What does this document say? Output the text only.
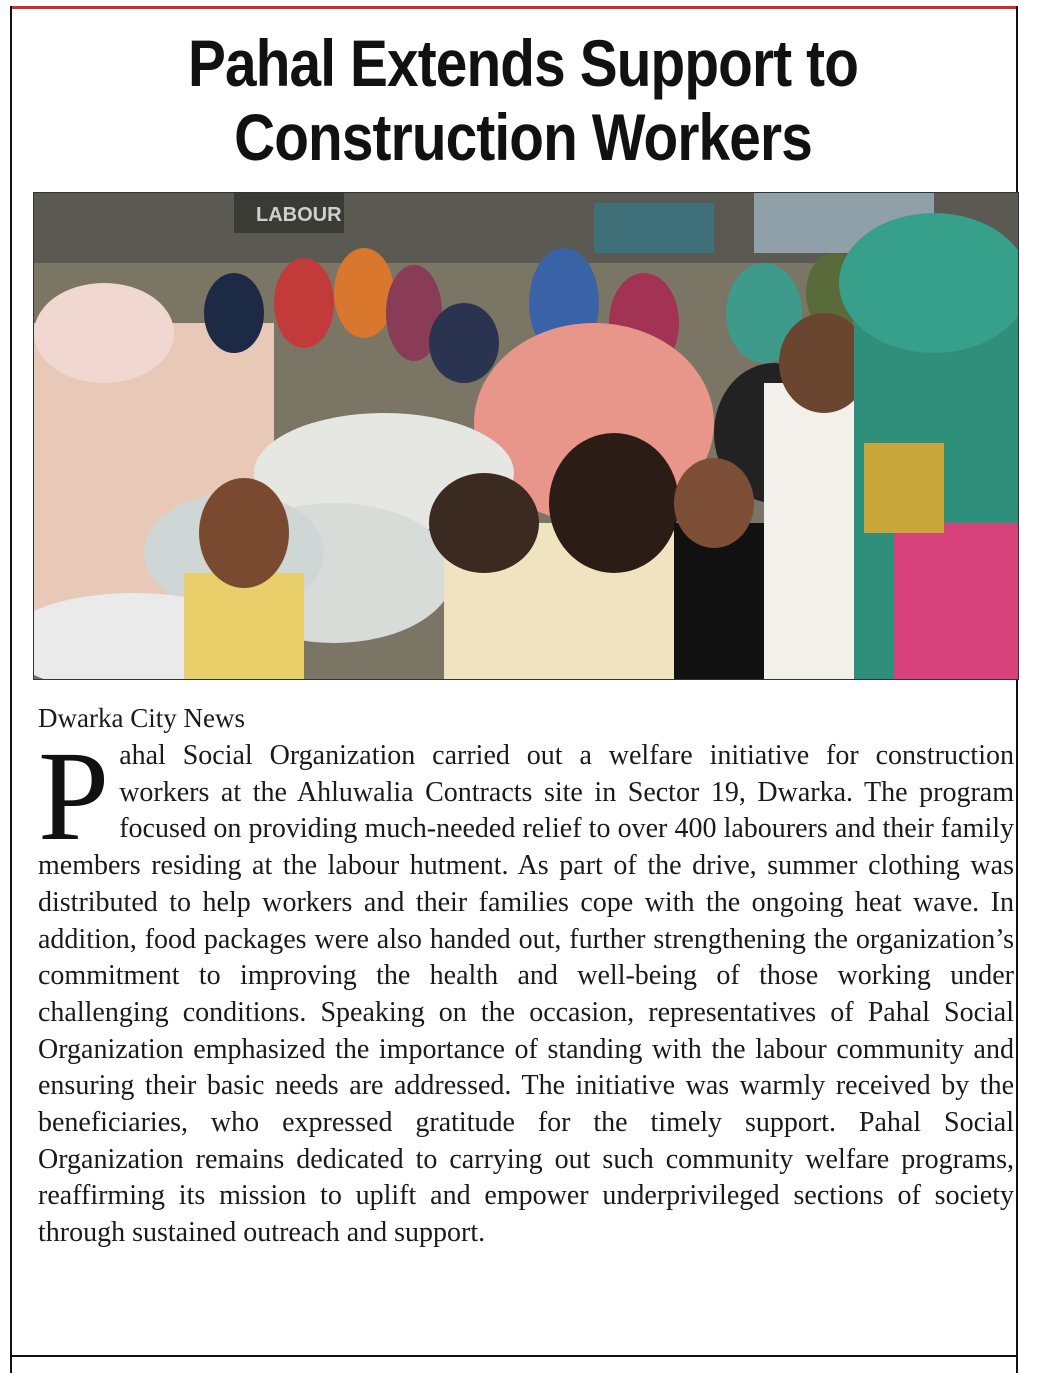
Pahal Extends Support to Construction Workers
LABOUR

Dwarka City News

Pahal Social Organization carried out a welfare initiative for construction workers at the Ahluwalia Contracts site in Sector 19, Dwarka. The program focused on providing much-needed relief to over 400 labourers and their family members residing at the labour hutment. As part of the drive, summer clothing was distributed to help workers and their families cope with the ongoing heat wave. In addition, food packages were also handed out, further strengthening the organization’s commitment to improving the health and well-being of those working under challenging conditions. Speaking on the occasion, representatives of Pahal Social Organization emphasized the importance of standing with the labour community and ensuring their basic needs are addressed. The initiative was warmly received by the beneficiaries, who expressed gratitude for the timely support. Pahal Social Organization remains dedicated to carrying out such community welfare programs, reaffirming its mission to uplift and empower underprivileged sections of society through sustained outreach and support.
